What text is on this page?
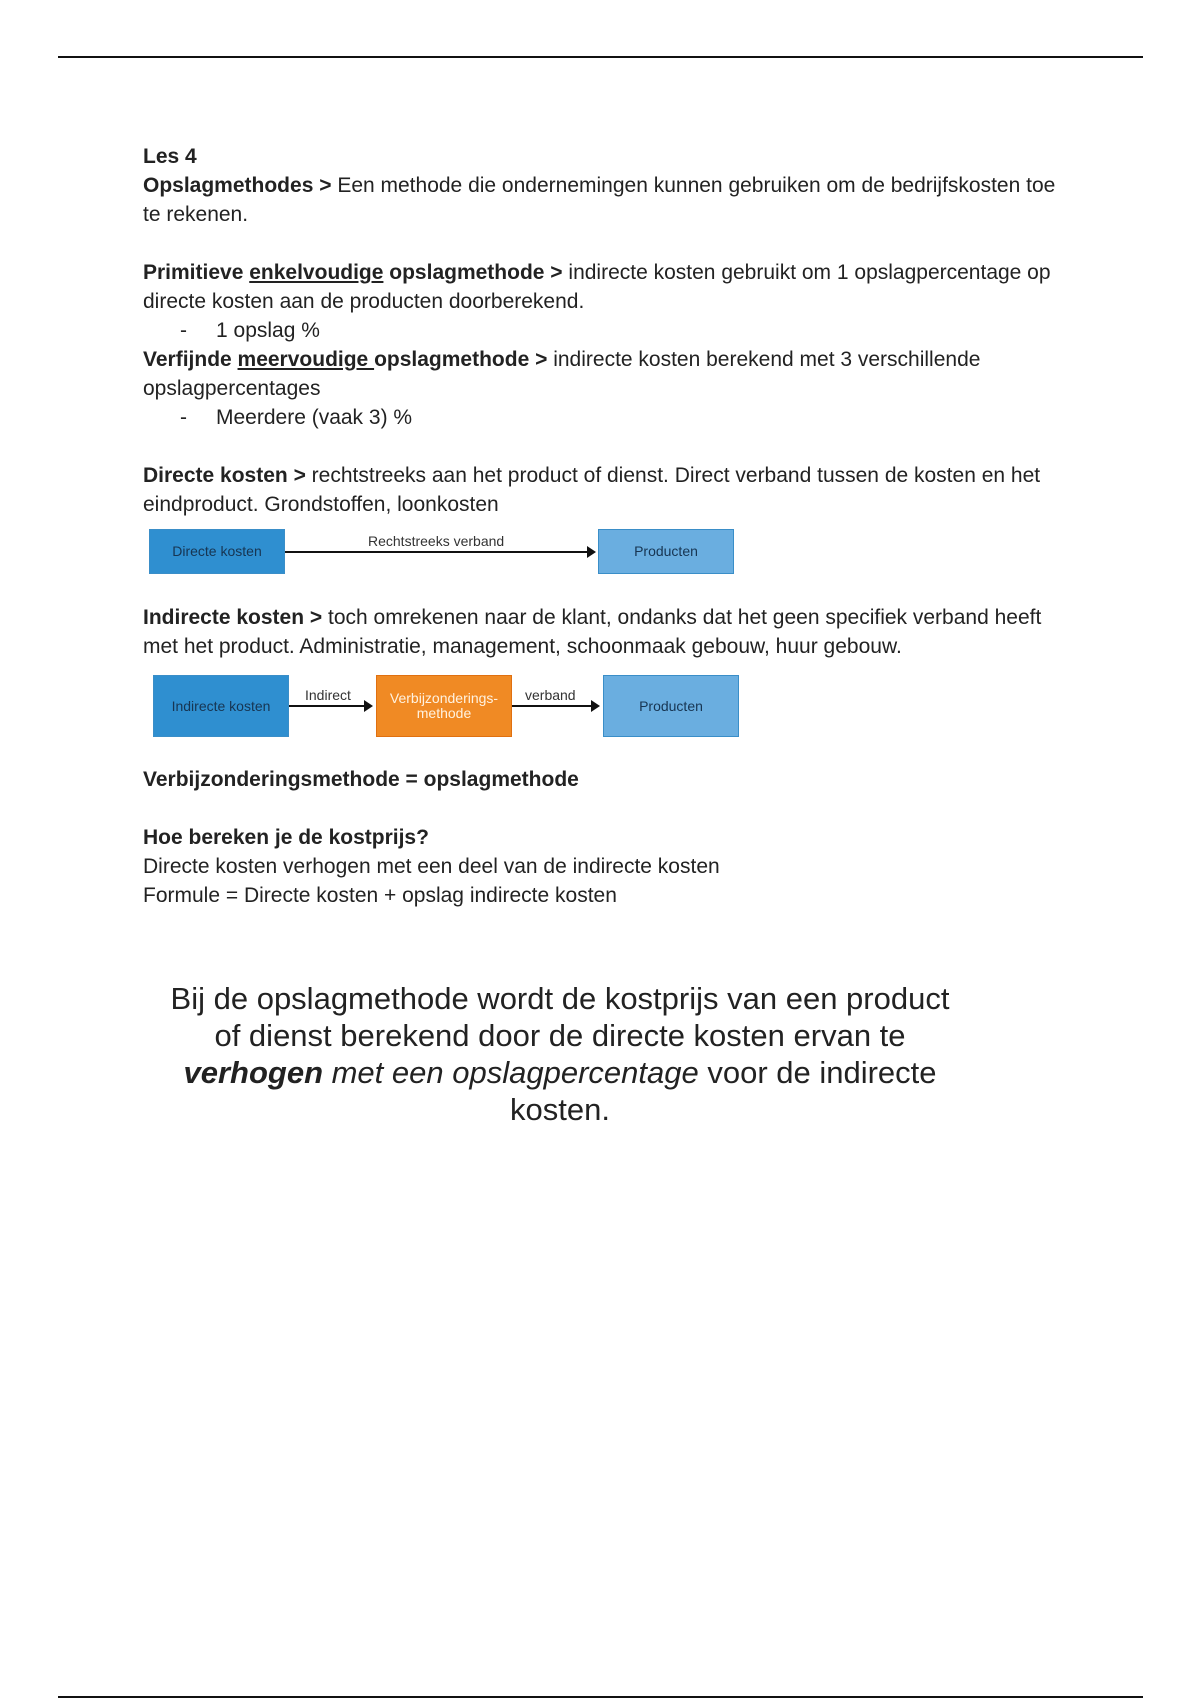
Les 4

Opslagmethodes > Een methode die ondernemingen kunnen gebruiken om de bedrijfskosten toe te rekenen.

Primitieve enkelvoudige opslagmethode > indirecte kosten gebruikt om 1 opslagpercentage op directe kosten aan de producten doorberekend.

-	1 opslag %

Verfijnde meervoudige opslagmethode > indirecte kosten berekend met 3 verschillende opslagpercentages

-	Meerdere (vaak 3) %

Directe kosten > rechtstreeks aan het product of dienst. Direct verband tussen de kosten en het eindproduct. Grondstoffen, loonkosten

Directe kosten
Rechtstreeks verband
Producten

Indirecte kosten > toch omrekenen naar de klant, ondanks dat het geen specifiek verband heeft met het product. Administratie, management, schoonmaak gebouw, huur gebouw.

Indirecte kosten
Indirect	Verbijzonderings-methode
verband
Producten

Verbijzonderingsmethode = opslagmethode

Hoe bereken je de kostprijs?

Directe kosten verhogen met een deel van de indirecte kosten

Formule = Directe kosten + opslag indirecte kosten

Bij de opslagmethode wordt de kostprijs van een product of dienst berekend door de directe kosten ervan te verhogen met een opslagpercentage voor de indirecte kosten.
